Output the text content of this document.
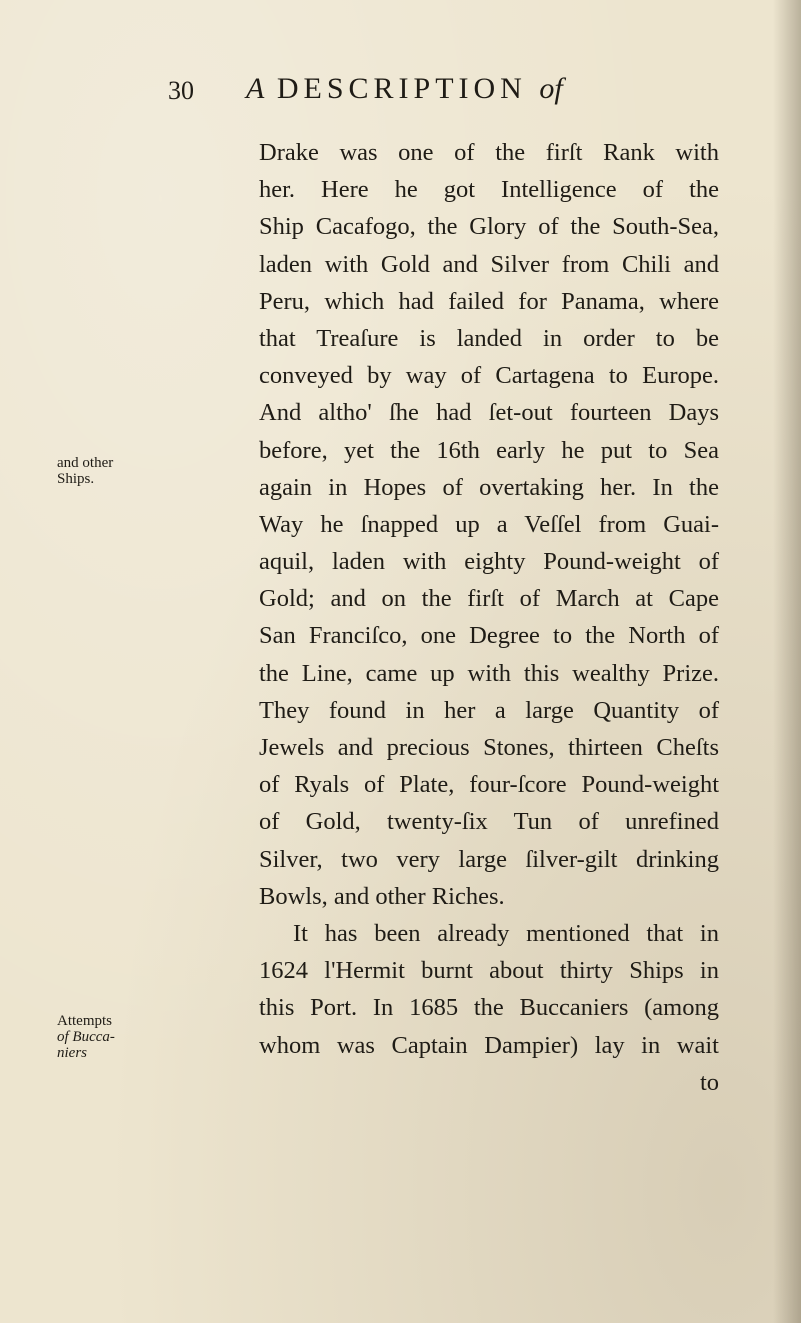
30 A DESCRIPTION of
and other
Ships.
Attempts
of Bucca-
niers
Drake was one of the firſt Rank with
her. Here he got Intelligence of the
Ship Cacafogo, the Glory of the South-Sea,
laden with Gold and Silver from Chili and
Peru, which had failed for Panama, where
that Treaſure is landed in order to be
conveyed by way of Cartagena to Europe.
And altho' ſhe had ſet-out fourteen Days
before, yet the 16th early he put to Sea
again in Hopes of overtaking her. In the
Way he ſnapped up a Veſſel from Guai-
aquil, laden with eighty Pound-weight of
Gold; and on the firſt of March at Cape
San Franciſco, one Degree to the North of
the Line, came up with this wealthy Prize.
They found in her a large Quantity of
Jewels and precious Stones, thirteen Cheſts
of Ryals of Plate, four-ſcore Pound-weight
of Gold, twenty-ſix Tun of unrefined
Silver, two very large ſilver-gilt drinking
Bowls, and other Riches.
It has been already mentioned that in
1624 l'Hermit burnt about thirty Ships in
this Port. In 1685 the Buccaniers (among
whom was Captain Dampier) lay in wait
to
